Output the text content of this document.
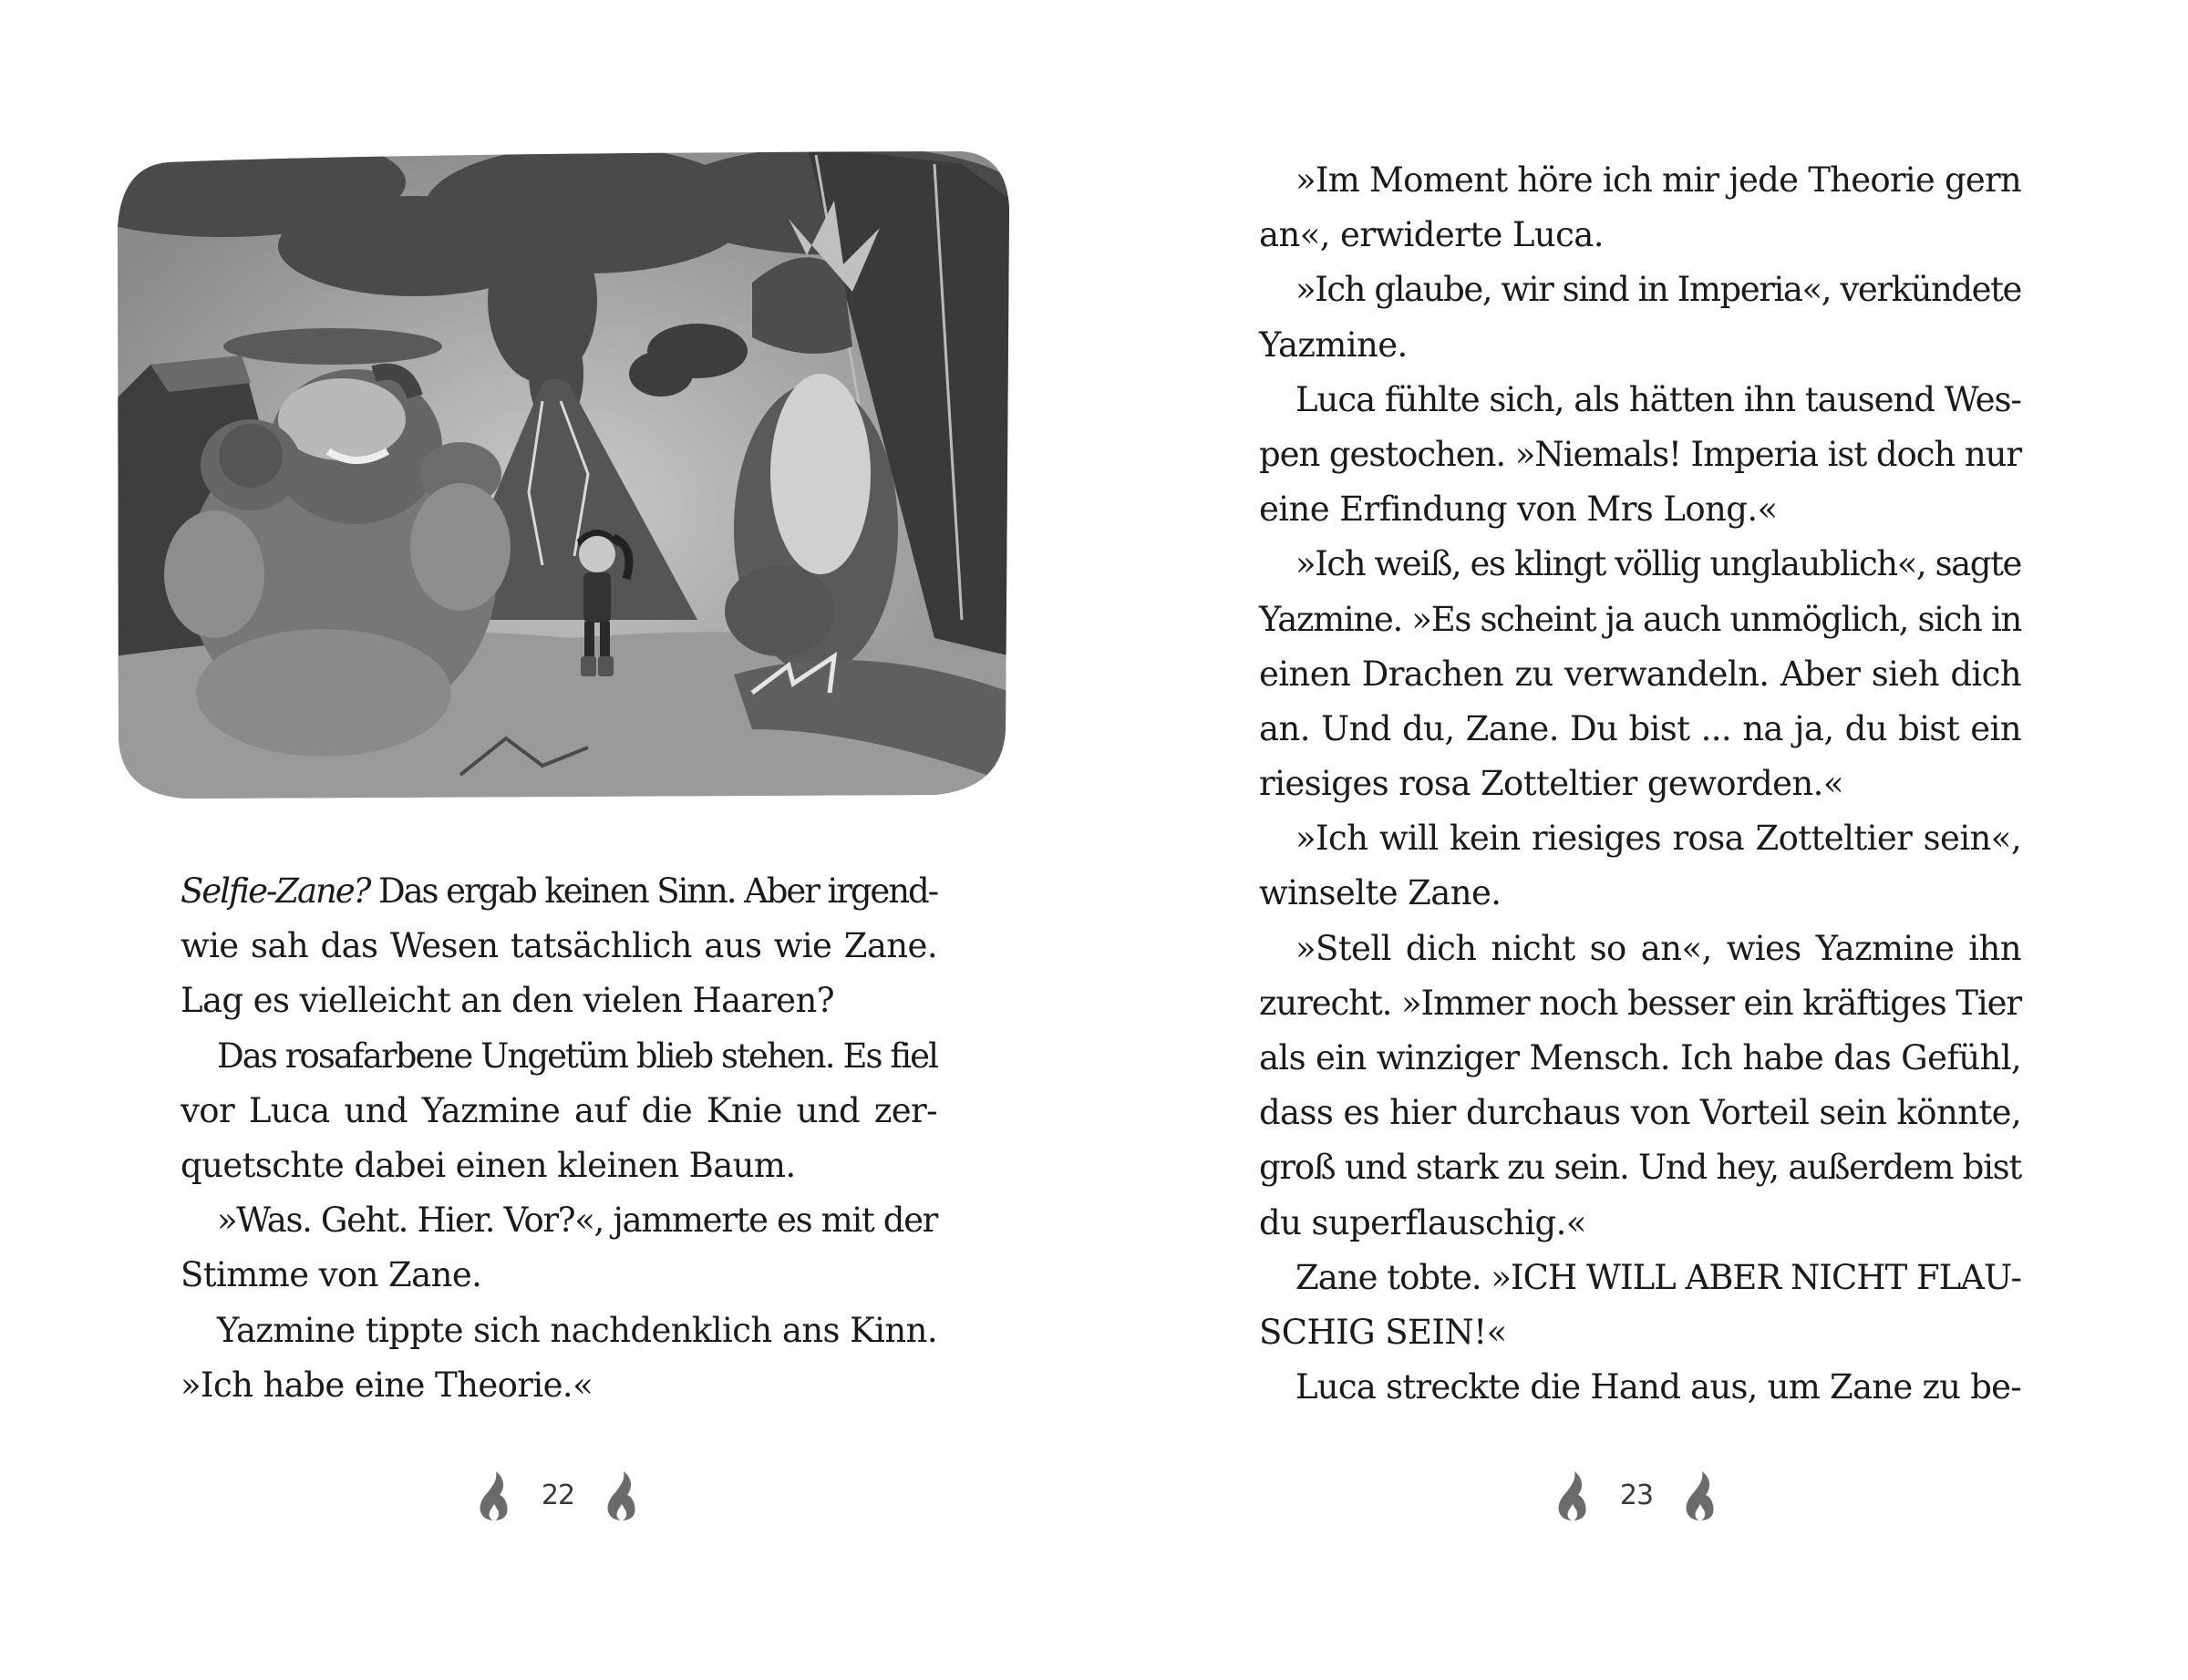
Selfie-Zane? Das ergab keinen Sinn. Aber irgend-
wie sah das Wesen tatsächlich aus wie Zane.
Lag es vielleicht an den vielen Haaren?
Das rosafarbene Ungetüm blieb stehen. Es fiel
vor Luca und Yazmine auf die Knie und zer-
quetschte dabei einen kleinen Baum.
»Was. Geht. Hier. Vor?«, jammerte es mit der
Stimme von Zane.
Yazmine tippte sich nachdenklich ans Kinn.
»Ich habe eine Theorie.«
22
»Im Moment höre ich mir jede Theorie gern
an«, erwiderte Luca.
»Ich glaube, wir sind in Imperia«, verkündete
Yazmine.
Luca fühlte sich, als hätten ihn tausend Wes-
pen gestochen. »Niemals! Imperia ist doch nur
eine Erfindung von Mrs Long.«
»Ich weiß, es klingt völlig unglaublich«, sagte
Yazmine. »Es scheint ja auch unmöglich, sich in
einen Drachen zu verwandeln. Aber sieh dich
an. Und du, Zane. Du bist ... na ja, du bist ein
riesiges rosa Zotteltier geworden.«
»Ich will kein riesiges rosa Zotteltier sein«,
winselte Zane.
»Stell dich nicht so an«, wies Yazmine ihn
zurecht. »Immer noch besser ein kräftiges Tier
als ein winziger Mensch. Ich habe das Gefühl,
dass es hier durchaus von Vorteil sein könnte,
groß und stark zu sein. Und hey, außerdem bist
du superflauschig.«
Zane tobte. »ICH WILL ABER NICHT FLAU-
SCHIG SEIN!«
Luca streckte die Hand aus, um Zane zu be-
23
